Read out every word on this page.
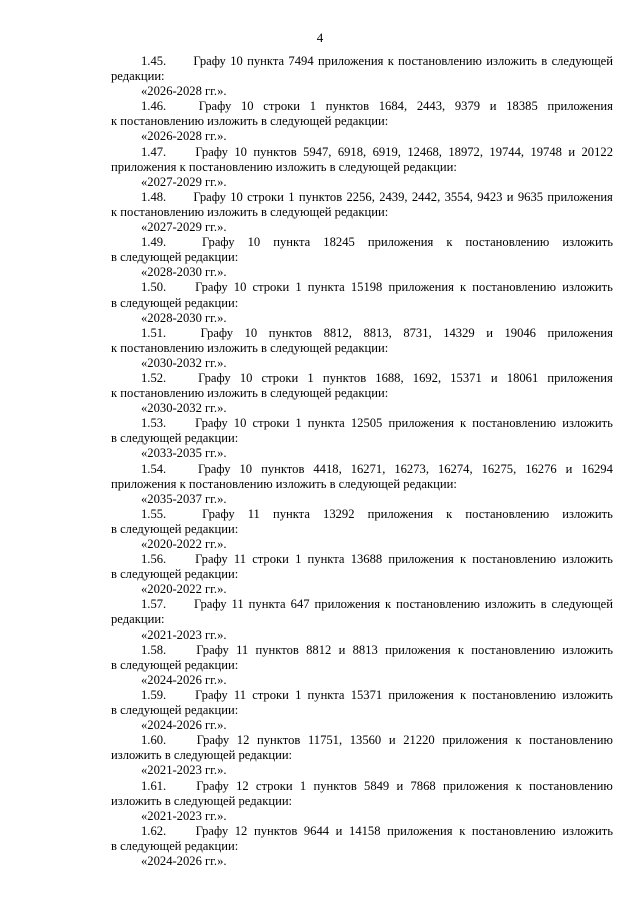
4
1.45.	Графу 10 пункта 7494 приложения к постановлению изложить в следующей
редакции:
«2026-2028 гг.».
1.46.	Графу 10 строки 1 пунктов 1684, 2443, 9379 и 18385 приложения
к постановлению изложить в следующей редакции:
«2026-2028 гг.».
1.47.	Графу 10 пунктов 5947, 6918, 6919, 12468, 18972, 19744, 19748 и 20122
приложения к постановлению изложить в следующей редакции:
«2027-2029 гг.».
1.48.	Графу 10 строки 1 пунктов 2256, 2439, 2442, 3554, 9423 и 9635 приложения
к постановлению изложить в следующей редакции:
«2027-2029 гг.».
1.49.	Графу 10 пункта 18245 приложения к постановлению изложить
в следующей редакции:
«2028-2030 гг.».
1.50.	Графу 10 строки 1 пункта 15198 приложения к постановлению изложить
в следующей редакции:
«2028-2030 гг.».
1.51.	Графу 10 пунктов 8812, 8813, 8731, 14329 и 19046 приложения
к постановлению изложить в следующей редакции:
«2030-2032 гг.».
1.52.	Графу 10 строки 1 пунктов 1688, 1692, 15371 и 18061 приложения
к постановлению изложить в следующей редакции:
«2030-2032 гг.».
1.53.	Графу 10 строки 1 пункта 12505 приложения к постановлению изложить
в следующей редакции:
«2033-2035 гг.».
1.54.	Графу 10 пунктов 4418, 16271, 16273, 16274, 16275, 16276 и 16294
приложения к постановлению изложить в следующей редакции:
«2035-2037 гг.».
1.55.	Графу 11 пункта 13292 приложения к постановлению изложить
в следующей редакции:
«2020-2022 гг.».
1.56.	Графу 11 строки 1 пункта 13688 приложения к постановлению изложить
в следующей редакции:
«2020-2022 гг.».
1.57.	Графу 11 пункта 647 приложения к постановлению изложить в следующей
редакции:
«2021-2023 гг.».
1.58.	Графу 11 пунктов 8812 и 8813 приложения к постановлению изложить
в следующей редакции:
«2024-2026 гг.».
1.59.	Графу 11 строки 1 пункта 15371 приложения к постановлению изложить
в следующей редакции:
«2024-2026 гг.».
1.60.	Графу 12 пунктов 11751, 13560 и 21220 приложения к постановлению
изложить в следующей редакции:
«2021-2023 гг.».
1.61.	Графу 12 строки 1 пунктов 5849 и 7868 приложения к постановлению
изложить в следующей редакции:
«2021-2023 гг.».
1.62.	Графу 12 пунктов 9644 и 14158 приложения к постановлению изложить
в следующей редакции:
«2024-2026 гг.».
